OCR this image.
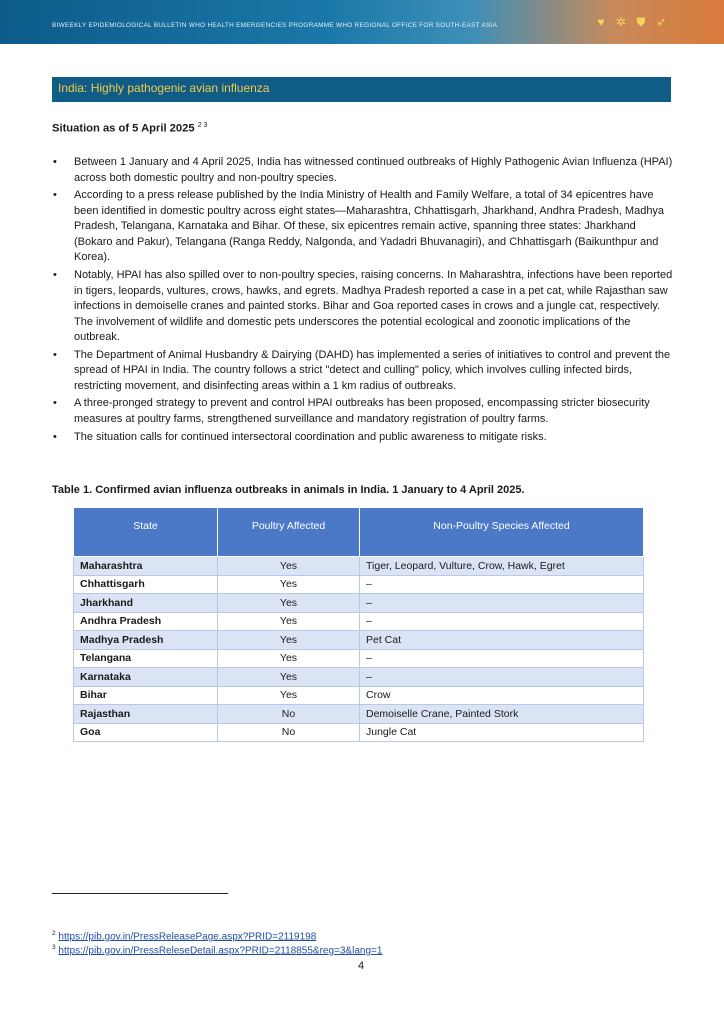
BIWEEKLY EPIDEMIOLOGICAL BULLETIN WHO HEALTH EMERGENCIES PROGRAMME WHO REGIONAL OFFICE FOR SOUTH-EAST ASIA	♥ ✲ ⛊ ➶
India: Highly pathogenic avian influenza
Situation as of 5 April 2025 $^{2 3}$
• Between 1 January and 4 April 2025, India has witnessed continued outbreaks of Highly Pathogenic Avian Influenza (HPAI) across both domestic poultry and non-poultry species.
• According to a press release published by the India Ministry of Health and Family Welfare, a total of 34 epicentres have been identified in domestic poultry across eight states—Maharashtra, Chhattisgarh, Jharkhand, Andhra Pradesh, Madhya Pradesh, Telangana, Karnataka and Bihar. Of these, six epicentres remain active, spanning three states: Jharkhand (Bokaro and Pakur), Telangana (Ranga Reddy, Nalgonda, and Yadadri Bhuvanagiri), and Chhattisgarh (Baikunthpur and Korea).
• Notably, HPAI has also spilled over to non-poultry species, raising concerns. In Maharashtra, infections have been reported in tigers, leopards, vultures, crows, hawks, and egrets. Madhya Pradesh reported a case in a pet cat, while Rajasthan saw infections in demoiselle cranes and painted storks. Bihar and Goa reported cases in crows and a jungle cat, respectively. The involvement of wildlife and domestic pets underscores the potential ecological and zoonotic implications of the outbreak.
• The Department of Animal Husbandry & Dairying (DAHD) has implemented a series of initiatives to control and prevent the spread of HPAI in India. The country follows a strict "detect and culling" policy, which involves culling infected birds, restricting movement, and disinfecting areas within a 1 km radius of outbreaks.
• A three-pronged strategy to prevent and control HPAI outbreaks has been proposed, encompassing stricter biosecurity measures at poultry farms, strengthened surveillance and mandatory registration of poultry farms.
• The situation calls for continued intersectoral coordination and public awareness to mitigate risks.
Table 1. Confirmed avian influenza outbreaks in animals in India. 1 January to 4 April 2025.
State	Poultry Affected	Non-Poultry Species Affected
Maharashtra	Yes	Tiger, Leopard, Vulture, Crow, Hawk, Egret
Chhattisgarh	Yes	–
Jharkhand	Yes	–
Andhra Pradesh	Yes	–
Madhya Pradesh	Yes	Pet Cat
Telangana	Yes	–
Karnataka	Yes	–
Bihar	Yes	Crow
Rajasthan	No	Demoiselle Crane, Painted Stork
Goa	No	Jungle Cat
$^2$ https://pib.gov.in/PressReleasePage.aspx?PRID=2119198
$^3$ https://pib.gov.in/PressReleseDetail.aspx?PRID=2118855&reg=3&lang=1
4
